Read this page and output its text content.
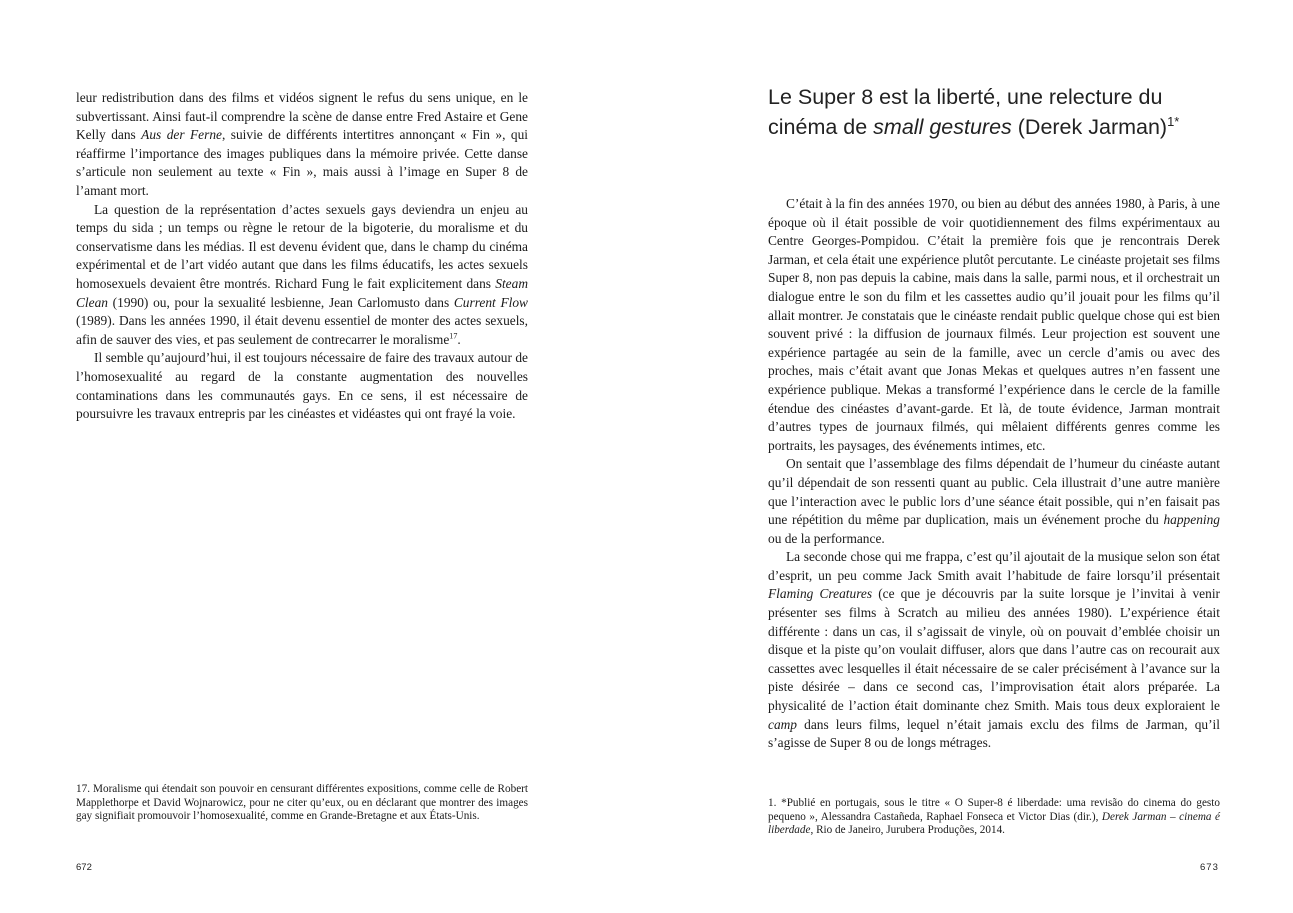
leur redistribution dans des films et vidéos signent le refus du sens unique, en le subvertissant. Ainsi faut-il comprendre la scène de danse entre Fred Astaire et Gene Kelly dans Aus der Ferne, suivie de différents intertitres annonçant « Fin », qui réaffirme l’importance des images publiques dans la mémoire privée. Cette danse s’articule non seulement au texte « Fin », mais aussi à l’image en Super 8 de l’amant mort.

La question de la représentation d’actes sexuels gays deviendra un enjeu au temps du sida ; un temps ou règne le retour de la bigoterie, du moralisme et du conservatisme dans les médias. Il est devenu évident que, dans le champ du cinéma expérimental et de l’art vidéo autant que dans les films éducatifs, les actes sexuels homosexuels devaient être montrés. Richard Fung le fait explicitement dans Steam Clean (1990) ou, pour la sexualité lesbienne, Jean Carlomusto dans Current Flow (1989). Dans les années 1990, il était devenu essentiel de monter des actes sexuels, afin de sauver des vies, et pas seulement de contrecarrer le moralisme$^{17}$.

Il semble qu’aujourd’hui, il est toujours nécessaire de faire des travaux autour de l’homosexualité au regard de la constante augmentation des nouvelles contaminations dans les communautés gays. En ce sens, il est nécessaire de poursuivre les travaux entrepris par les cinéastes et vidéastes qui ont frayé la voie.

17. Moralisme qui étendait son pouvoir en censurant différentes expositions, comme celle de Robert Mapplethorpe et David Wojnarowicz, pour ne citer qu’eux, ou en déclarant que montrer des images gay signifiait promouvoir l’homosexualité, comme en Grande-Bretagne et aux États-Unis.

672
Le Super 8 est la liberté, une relecture du
cinéma de small gestures (Derek Jarman)$^{1*}$

C’était à la fin des années 1970, ou bien au début des années 1980, à Paris, à une époque où il était possible de voir quotidiennement des films expérimentaux au Centre Georges-Pompidou. C’était la première fois que je rencontrais Derek Jarman, et cela était une expérience plutôt percutante. Le cinéaste projetait ses films Super 8, non pas depuis la cabine, mais dans la salle, parmi nous, et il orchestrait un dialogue entre le son du film et les cassettes audio qu’il jouait pour les films qu’il allait montrer. Je constatais que le cinéaste rendait public quelque chose qui est bien souvent privé : la diffusion de journaux filmés. Leur projection est souvent une expérience partagée au sein de la famille, avec un cercle d’amis ou avec des proches, mais c’était avant que Jonas Mekas et quelques autres n’en fassent une expérience publique. Mekas a transformé l’expérience dans le cercle de la famille étendue des cinéastes d’avant-garde. Et là, de toute évidence, Jarman montrait d’autres types de journaux filmés, qui mêlaient différents genres comme les portraits, les paysages, des événements intimes, etc.

On sentait que l’assemblage des films dépendait de l’humeur du cinéaste autant qu’il dépendait de son ressenti quant au public. Cela illustrait d’une autre manière que l’interaction avec le public lors d’une séance était possible, qui n’en faisait pas une répétition du même par duplication, mais un événement proche du happening ou de la performance.

La seconde chose qui me frappa, c’est qu’il ajoutait de la musique selon son état d’esprit, un peu comme Jack Smith avait l’habitude de faire lorsqu’il présentait Flaming Creatures (ce que je découvris par la suite lorsque je l’invitai à venir présenter ses films à Scratch au milieu des années 1980). L’expérience était différente : dans un cas, il s’agissait de vinyle, où on pouvait d’emblée choisir un disque et la piste qu’on voulait diffuser, alors que dans l’autre cas on recourait aux cassettes avec lesquelles il était nécessaire de se caler précisément à l’avance sur la piste désirée – dans ce second cas, l’improvisation était alors préparée. La physicalité de l’action était dominante chez Smith. Mais tous deux exploraient le camp dans leurs films, lequel n’était jamais exclu des films de Jarman, qu’il s’agisse de Super 8 ou de longs métrages.

1. *Publié en portugais, sous le titre « O Super-8 é liberdade: uma revisão do cinema do gesto pequeno », Alessandra Castañeda, Raphael Fonseca et Victor Dias (dir.), Derek Jarman – cinema é liberdade, Rio de Janeiro, Jurubera Produções, 2014.

673
